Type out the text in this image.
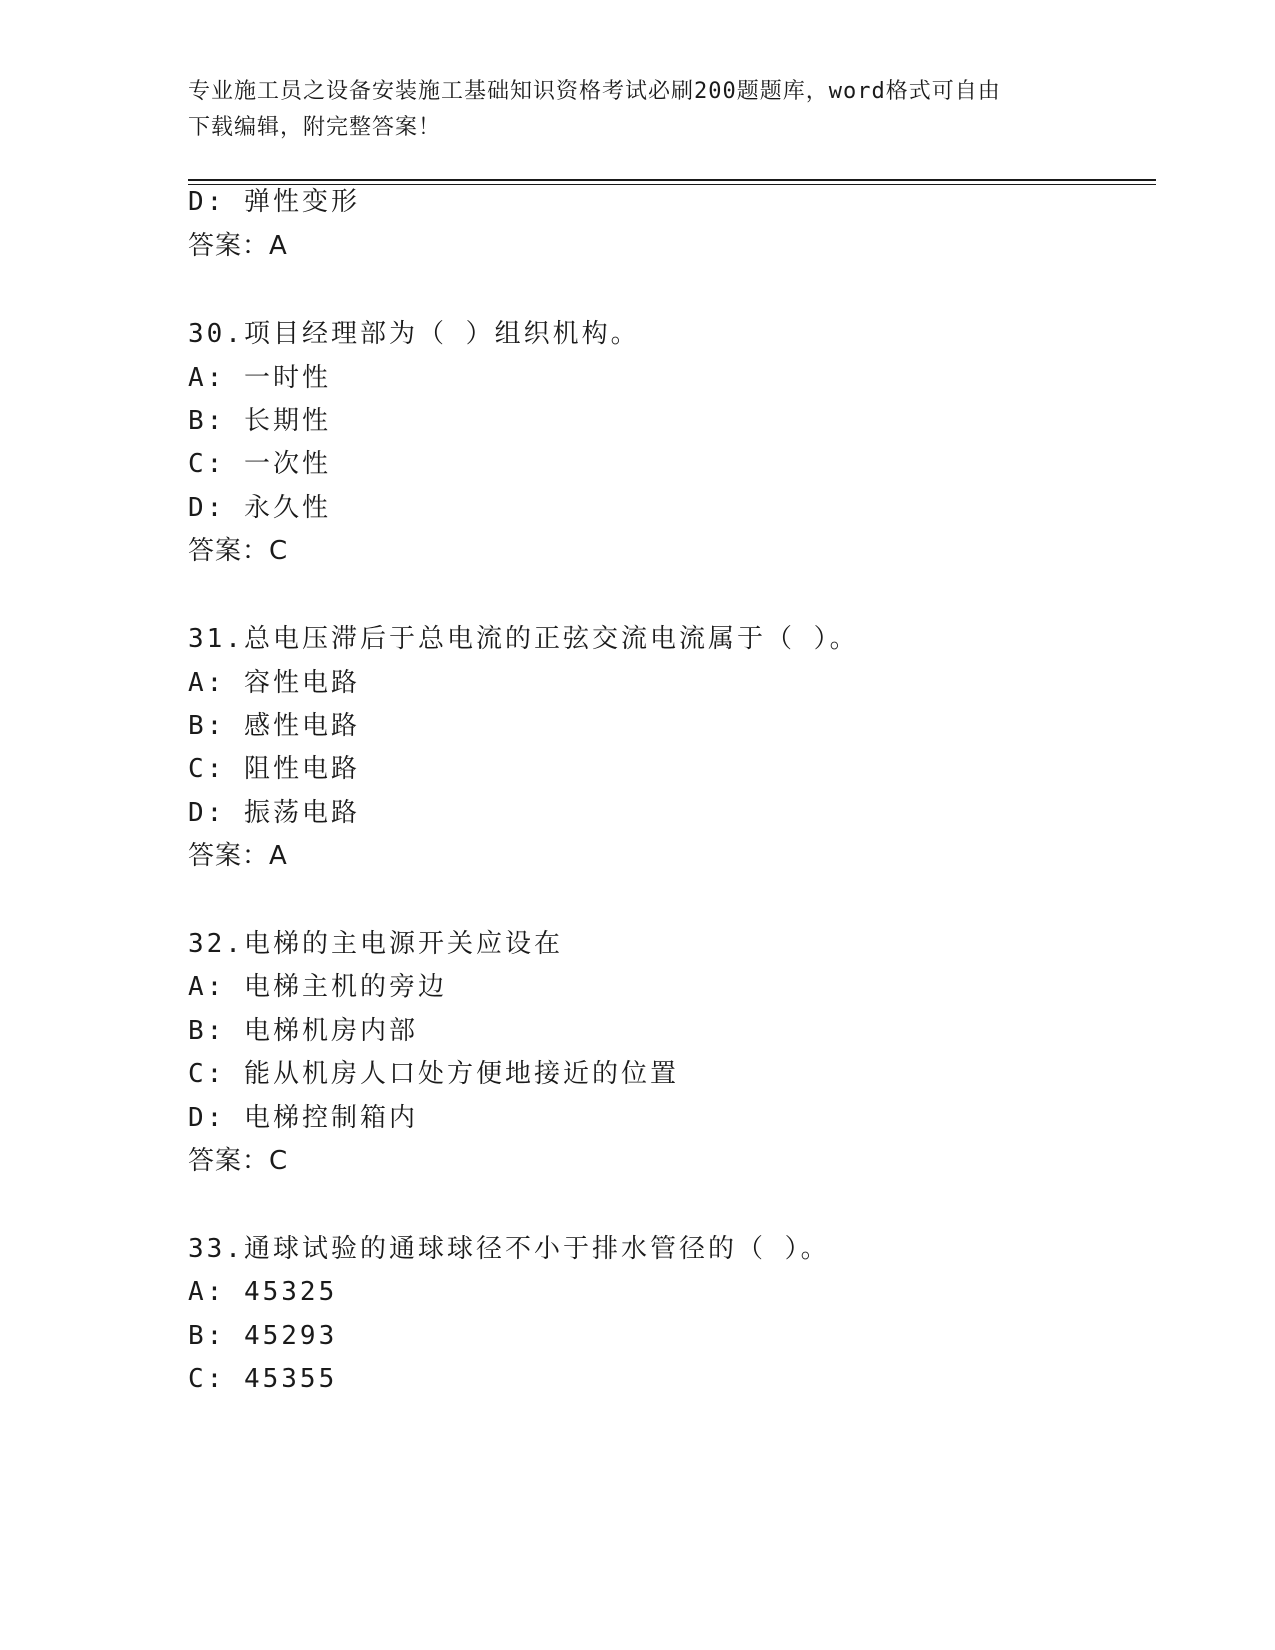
专业施工员之设备安装施工基础知识资格考试必刷200题题库，word格式可自由
下载编辑，附完整答案！
D: 弹性变形
答案：A
30.项目经理部为（ ）组织机构。
A: 一时性
B: 长期性
C: 一次性
D: 永久性
答案：C
31.总电压滞后于总电流的正弦交流电流属于（ ）。
A: 容性电路
B: 感性电路
C: 阻性电路
D: 振荡电路
答案：A
32.电梯的主电源开关应设在
A: 电梯主机的旁边
B: 电梯机房内部
C: 能从机房人口处方便地接近的位置
D: 电梯控制箱内
答案：C
33.通球试验的通球球径不小于排水管径的（ ）。
A: 45325
B: 45293
C: 45355
